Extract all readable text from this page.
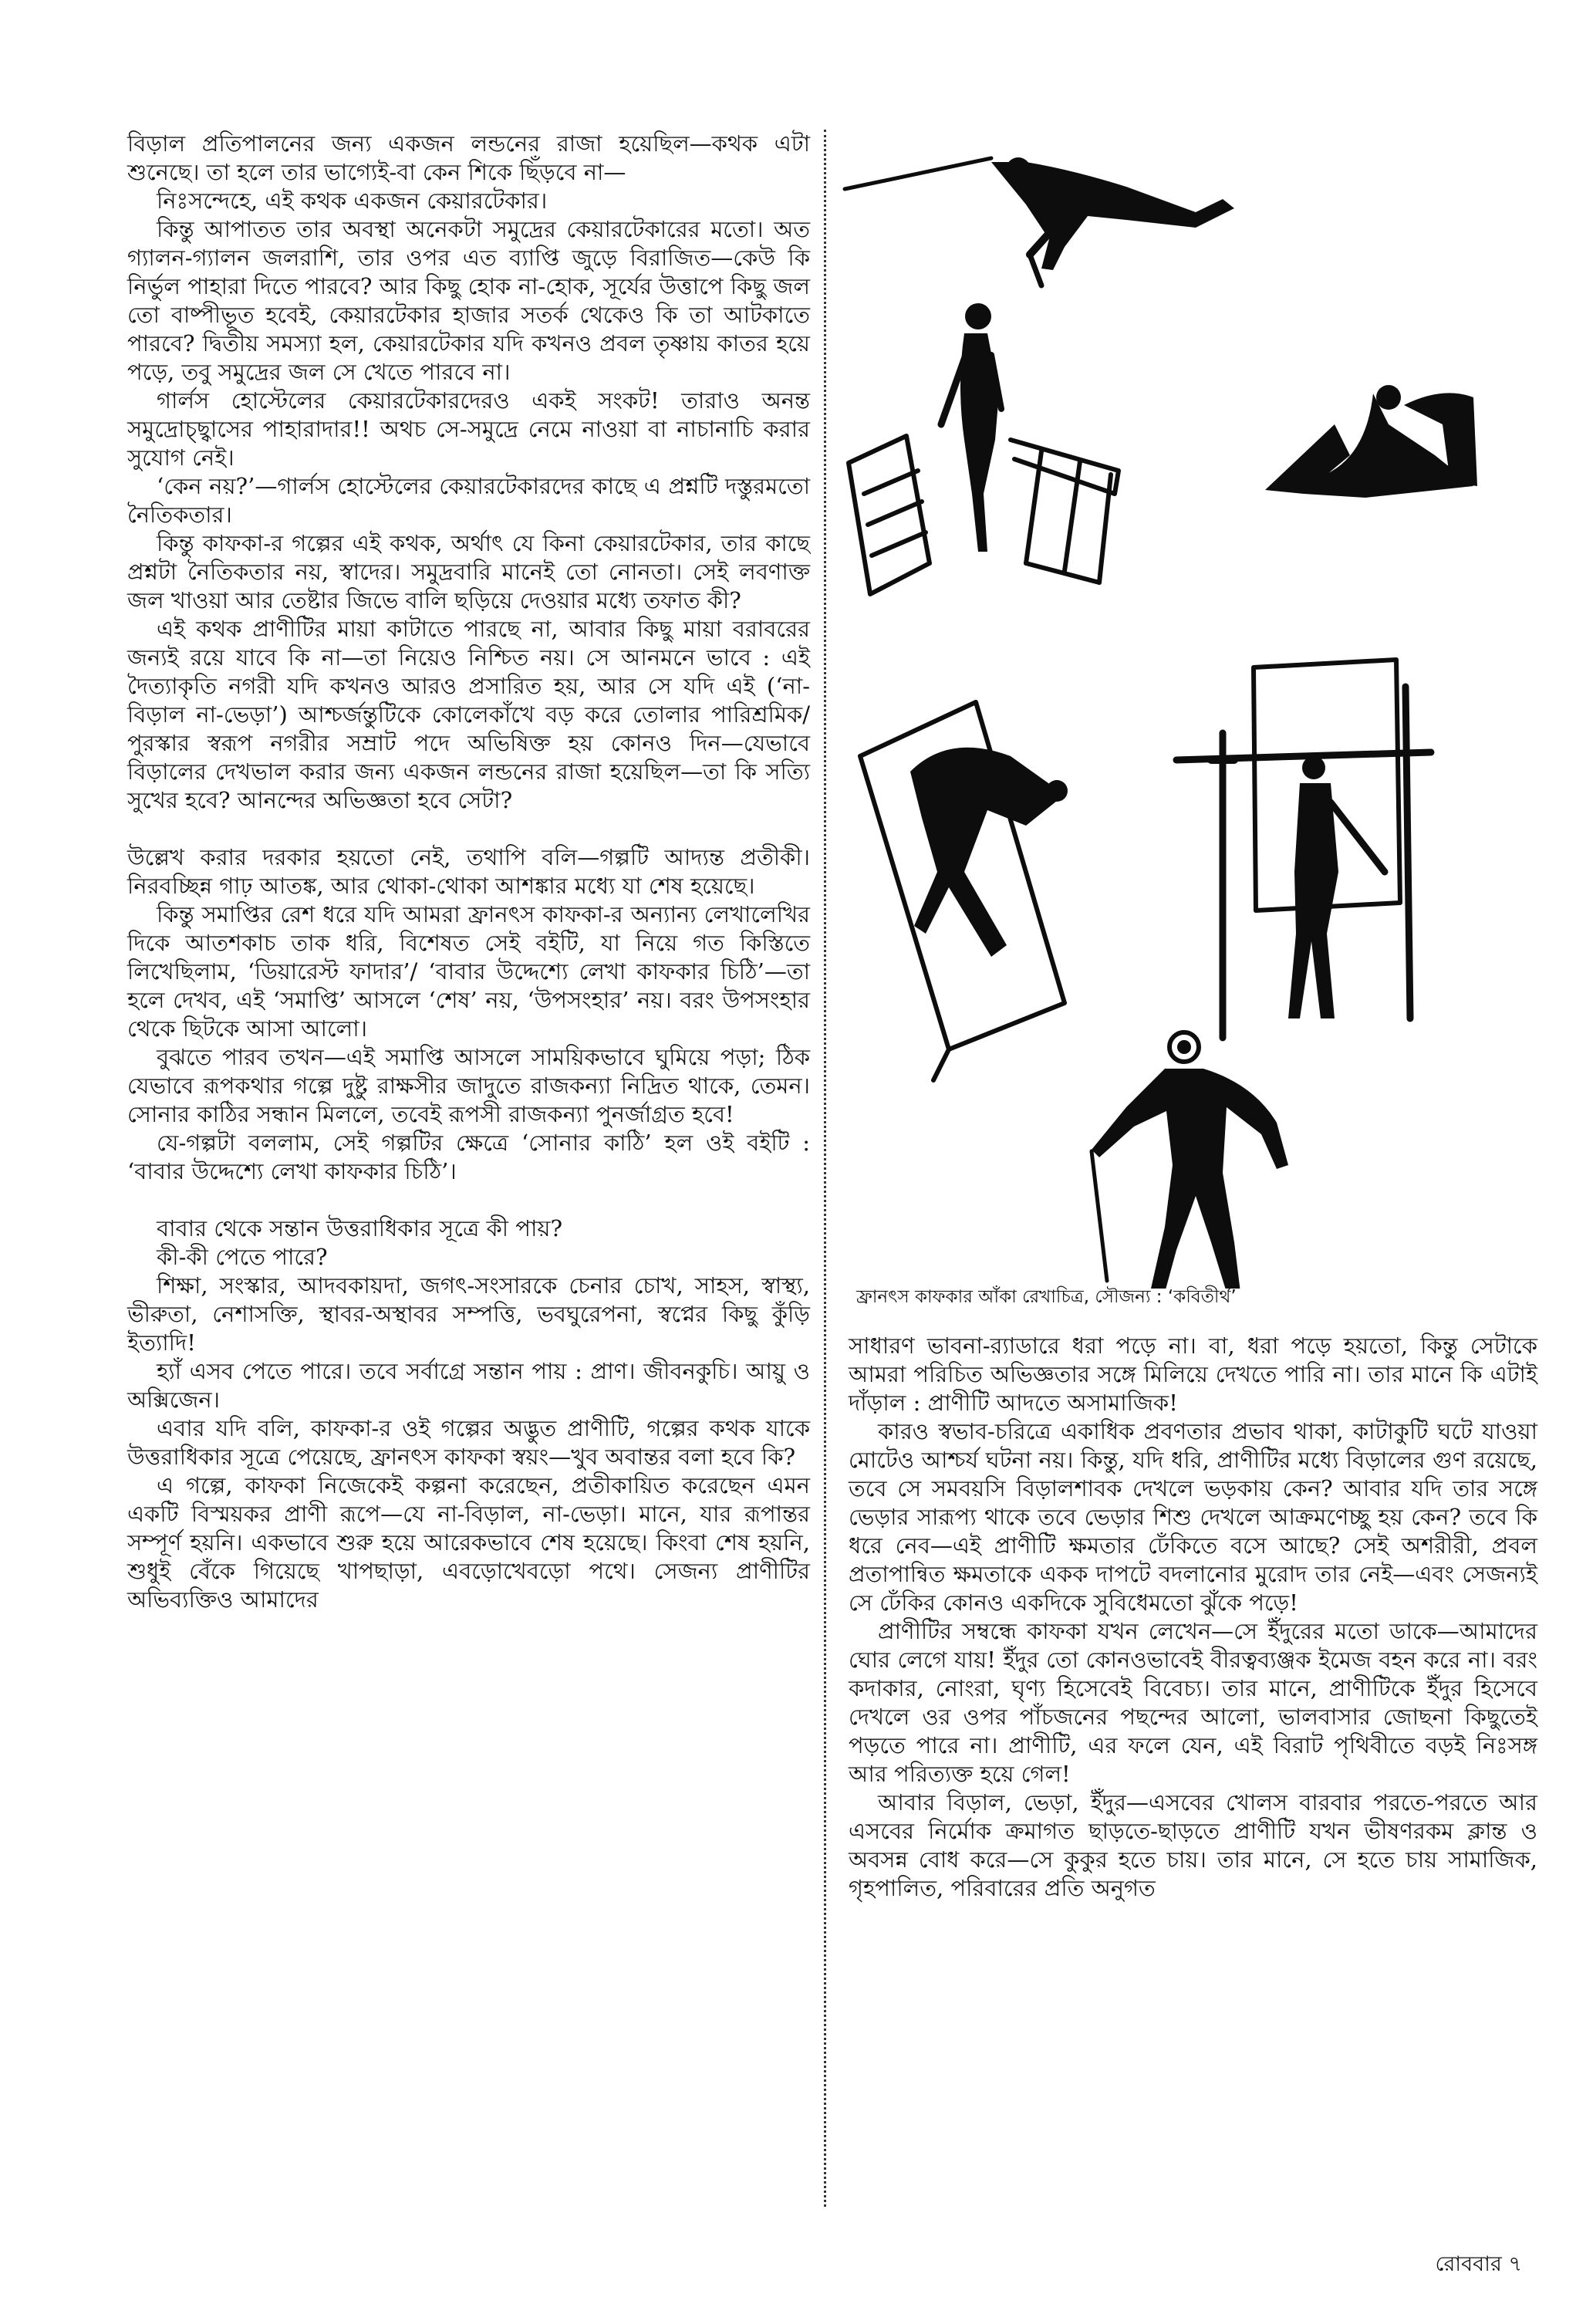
বিড়াল প্রতিপালনের জন্য একজন লন্ডনের রাজা হয়েছিল—কথক এটা শুনেছে। তা হলে তার ভাগ্যেই-বা কেন শিকে ছিঁড়বে না—

নিঃসন্দেহে, এই কথক একজন কেয়ারটেকার।

কিন্তু আপাতত তার অবস্থা অনেকটা সমুদ্রের কেয়ারটেকারের মতো। অত গ্যালন-গ্যালন জলরাশি, তার ওপর এত ব্যাপ্তি জুড়ে বিরাজিত—কেউ কি নির্ভুল পাহারা দিতে পারবে? আর কিছু হোক না-হোক, সূর্যের উত্তাপে কিছু জল তো বাষ্পীভূত হবেই, কেয়ারটেকার হাজার সতর্ক থেকেও কি তা আটকাতে পারবে? দ্বিতীয় সমস্যা হল, কেয়ারটেকার যদি কখনও প্রবল তৃষ্ণায় কাতর হয়ে পড়ে, তবু সমুদ্রের জল সে খেতে পারবে না।

গার্লস হোস্টেলের কেয়ারটেকারদেরও একই সংকট! তারাও অনন্ত সমুদ্রোচ্ছ্বাসের পাহারাদার!! অথচ সে-সমুদ্রে নেমে নাওয়া বা নাচানাচি করার সুযোগ নেই।

‘কেন নয়?’—গার্লস হোস্টেলের কেয়ারটেকারদের কাছে এ প্রশ্নটি দস্তুরমতো নৈতিকতার।

কিন্তু কাফকা-র গল্পের এই কথক, অর্থাৎ যে কিনা কেয়ারটেকার, তার কাছে প্রশ্নটা নৈতিকতার নয়, স্বাদের। সমুদ্রবারি মানেই তো নোনতা। সেই লবণাক্ত জল খাওয়া আর তেষ্টার জিভে বালি ছড়িয়ে দেওয়ার মধ্যে তফাত কী?

এই কথক প্রাণীটির মায়া কাটাতে পারছে না, আবার কিছু মায়া বরাবরের জন্যই রয়ে যাবে কি না—তা নিয়েও নিশ্চিত নয়। সে আনমনে ভাবে : এই দৈত্যাকৃতি নগরী যদি কখনও আরও প্রসারিত হয়, আর সে যদি এই (‘না-বিড়াল না-ভেড়া’) আশ্চর্জন্তুটিকে কোলেকাঁখে বড় করে তোলার পারিশ্রমিক/পুরস্কার স্বরূপ নগরীর সম্রাট পদে অভিষিক্ত হয় কোনও দিন—যেভাবে বিড়ালের দেখভাল করার জন্য একজন লন্ডনের রাজা হয়েছিল—তা কি সত্যি সুখের হবে? আনন্দের অভিজ্ঞতা হবে সেটা?

উল্লেখ করার দরকার হয়তো নেই, তথাপি বলি—গল্পটি আদ্যন্ত প্রতীকী। নিরবচ্ছিন্ন গাঢ় আতঙ্ক, আর থোকা-থোকা আশঙ্কার মধ্যে যা শেষ হয়েছে।

কিন্তু সমাপ্তির রেশ ধরে যদি আমরা ফ্রানৎস কাফকা-র অন্যান্য লেখালেখির দিকে আতশকাচ তাক ধরি, বিশেষত সেই বইটি, যা নিয়ে গত কিস্তিতে লিখেছিলাম, ‘ডিয়ারেস্ট ফাদার’/ ‘বাবার উদ্দেশ্যে লেখা কাফকার চিঠি’—তা হলে দেখব, এই ‘সমাপ্তি’ আসলে ‘শেষ’ নয়, ‘উপসংহার’ নয়। বরং উপসংহার থেকে ছিটকে আসা আলো।

বুঝতে পারব তখন—এই সমাপ্তি আসলে সাময়িকভাবে ঘুমিয়ে পড়া; ঠিক যেভাবে রূপকথার গল্পে দুষ্টু রাক্ষসীর জাদুতে রাজকন্যা নিদ্রিত থাকে, তেমন। সোনার কাঠির সন্ধান মিললে, তবেই রূপসী রাজকন্যা পুনর্জাগ্রত হবে!

যে-গল্পটা বললাম, সেই গল্পটির ক্ষেত্রে ‘সোনার কাঠি’ হল ওই বইটি : ‘বাবার উদ্দেশ্যে লেখা কাফকার চিঠি’।

বাবার থেকে সন্তান উত্তরাধিকার সূত্রে কী পায়?

কী-কী পেতে পারে?

শিক্ষা, সংস্কার, আদবকায়দা, জগৎ-সংসারকে চেনার চোখ, সাহস, স্বাস্থ্য, ভীরুতা, নেশাসক্তি, স্থাবর-অস্থাবর সম্পত্তি, ভবঘুরেপনা, স্বপ্নের কিছু কুঁড়ি ইত্যাদি!

হ্যাঁ এসব পেতে পারে। তবে সর্বাগ্রে সন্তান পায় : প্রাণ। জীবনকুচি। আয়ু ও অক্সিজেন।

এবার যদি বলি, কাফকা-র ওই গল্পের অদ্ভুত প্রাণীটি, গল্পের কথক যাকে উত্তরাধিকার সূত্রে পেয়েছে, ফ্রানৎস কাফকা স্বয়ং—খুব অবান্তর বলা হবে কি?

এ গল্পে, কাফকা নিজেকেই কল্পনা করেছেন, প্রতীকায়িত করেছেন এমন একটি বিস্ময়কর প্রাণী রূপে—যে না-বিড়াল, না-ভেড়া। মানে, যার রূপান্তর সম্পূর্ণ হয়নি। একভাবে শুরু হয়ে আরেকভাবে শেষ হয়েছে। কিংবা শেষ হয়নি, শুধুই বেঁকে গিয়েছে খাপছাড়া, এবড়োখেবড়ো পথে। সেজন্য প্রাণীটির অভিব্যক্তিও আমাদের

ফ্রানৎস কাফকার আঁকা রেখাচিত্র, সৌজন্য : ‘কবিতীর্থ’

সাধারণ ভাবনা-র‍্যাডারে ধরা পড়ে না। বা, ধরা পড়ে হয়তো, কিন্তু সেটাকে আমরা পরিচিত অভিজ্ঞতার সঙ্গে মিলিয়ে দেখতে পারি না। তার মানে কি এটাই দাঁড়াল : প্রাণীটি আদতে অসামাজিক!

কারও স্বভাব-চরিত্রে একাধিক প্রবণতার প্রভাব থাকা, কাটাকুটি ঘটে যাওয়া মোটেও আশ্চর্য ঘটনা নয়। কিন্তু, যদি ধরি, প্রাণীটির মধ্যে বিড়ালের গুণ রয়েছে, তবে সে সমবয়সি বিড়ালশাবক দেখলে ভড়কায় কেন? আবার যদি তার সঙ্গে ভেড়ার সারূপ্য থাকে তবে ভেড়ার শিশু দেখলে আক্রমণেচ্ছু হয় কেন? তবে কি ধরে নেব—এই প্রাণীটি ক্ষমতার ঢেঁকিতে বসে আছে? সেই অশরীরী, প্রবল প্রতাপান্বিত ক্ষমতাকে একক দাপটে বদলানোর মুরোদ তার নেই—এবং সেজন্যই সে ঢেঁকির কোনও একদিকে সুবিধেমতো ঝুঁকে পড়ে!

প্রাণীটির সম্বন্ধে কাফকা যখন লেখেন—সে ইঁদুরের মতো ডাকে—আমাদের ঘোর লেগে যায়! ইঁদুর তো কোনওভাবেই বীরত্বব্যঞ্জক ইমেজ বহন করে না। বরং কদাকার, নোংরা, ঘৃণ্য হিসেবেই বিবেচ্য। তার মানে, প্রাণীটিকে ইঁদুর হিসেবে দেখলে ওর ওপর পাঁচজনের পছন্দের আলো, ভালবাসার জোছনা কিছুতেই পড়তে পারে না। প্রাণীটি, এর ফলে যেন, এই বিরাট পৃথিবীতে বড়ই নিঃসঙ্গ আর পরিত্যক্ত হয়ে গেল!

আবার বিড়াল, ভেড়া, ইঁদুর—এসবের খোলস বারবার পরতে-পরতে আর এসবের নির্মোক ক্রমাগত ছাড়তে-ছাড়তে প্রাণীটি যখন ভীষণরকম ক্লান্ত ও অবসন্ন বোধ করে—সে কুকুর হতে চায়। তার মানে, সে হতে চায় সামাজিক, গৃহপালিত, পরিবারের প্রতি অনুগত

রোববার ৭
